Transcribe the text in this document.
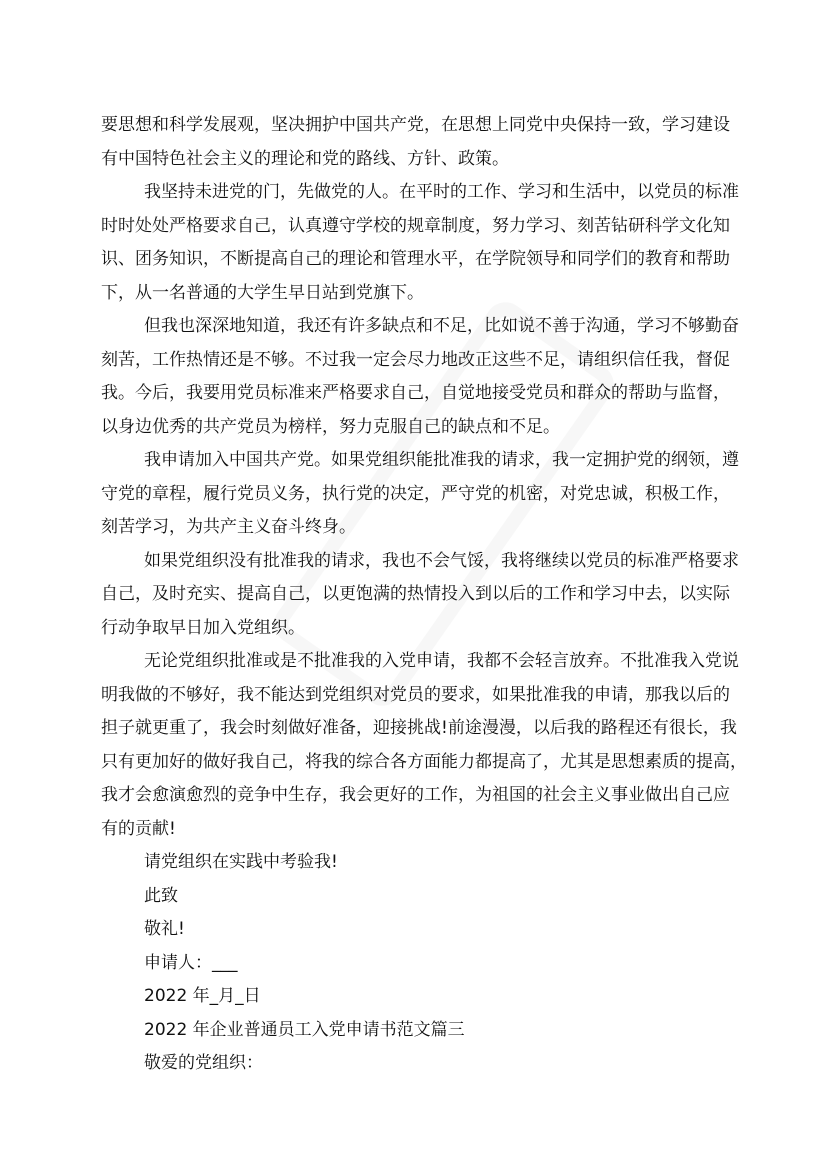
要思想和科学发展观，坚决拥护中国共产党，在思想上同党中央保持一致，学习建设
有中国特色社会主义的理论和党的路线、方针、政策。
我坚持未进党的门，先做党的人。在平时的工作、学习和生活中，以党员的标准
时时处处严格要求自己，认真遵守学校的规章制度，努力学习、刻苦钻研科学文化知
识、团务知识，不断提高自己的理论和管理水平，在学院领导和同学们的教育和帮助
下，从一名普通的大学生早日站到党旗下。
但我也深深地知道，我还有许多缺点和不足，比如说不善于沟通，学习不够勤奋
刻苦，工作热情还是不够。不过我一定会尽力地改正这些不足，请组织信任我，督促
我。今后，我要用党员标准来严格要求自己，自觉地接受党员和群众的帮助与监督，
以身边优秀的共产党员为榜样，努力克服自己的缺点和不足。
我申请加入中国共产党。如果党组织能批准我的请求，我一定拥护党的纲领，遵
守党的章程，履行党员义务，执行党的决定，严守党的机密，对党忠诚，积极工作，
刻苦学习，为共产主义奋斗终身。
如果党组织没有批准我的请求，我也不会气馁，我将继续以党员的标准严格要求
自己，及时充实、提高自己，以更饱满的热情投入到以后的工作和学习中去，以实际
行动争取早日加入党组织。
无论党组织批准或是不批准我的入党申请，我都不会轻言放弃。不批准我入党说
明我做的不够好，我不能达到党组织对党员的要求，如果批准我的申请，那我以后的
担子就更重了，我会时刻做好准备，迎接挑战!前途漫漫，以后我的路程还有很长，我
只有更加好的做好我自己，将我的综合各方面能力都提高了，尤其是思想素质的提高，
我才会愈演愈烈的竞争中生存，我会更好的工作，为祖国的社会主义事业做出自己应
有的贡献!
请党组织在实践中考验我!
此致
敬礼!
申请人：___
2022 年_月_日
2022 年企业普通员工入党申请书范文篇三
敬爱的党组织：
